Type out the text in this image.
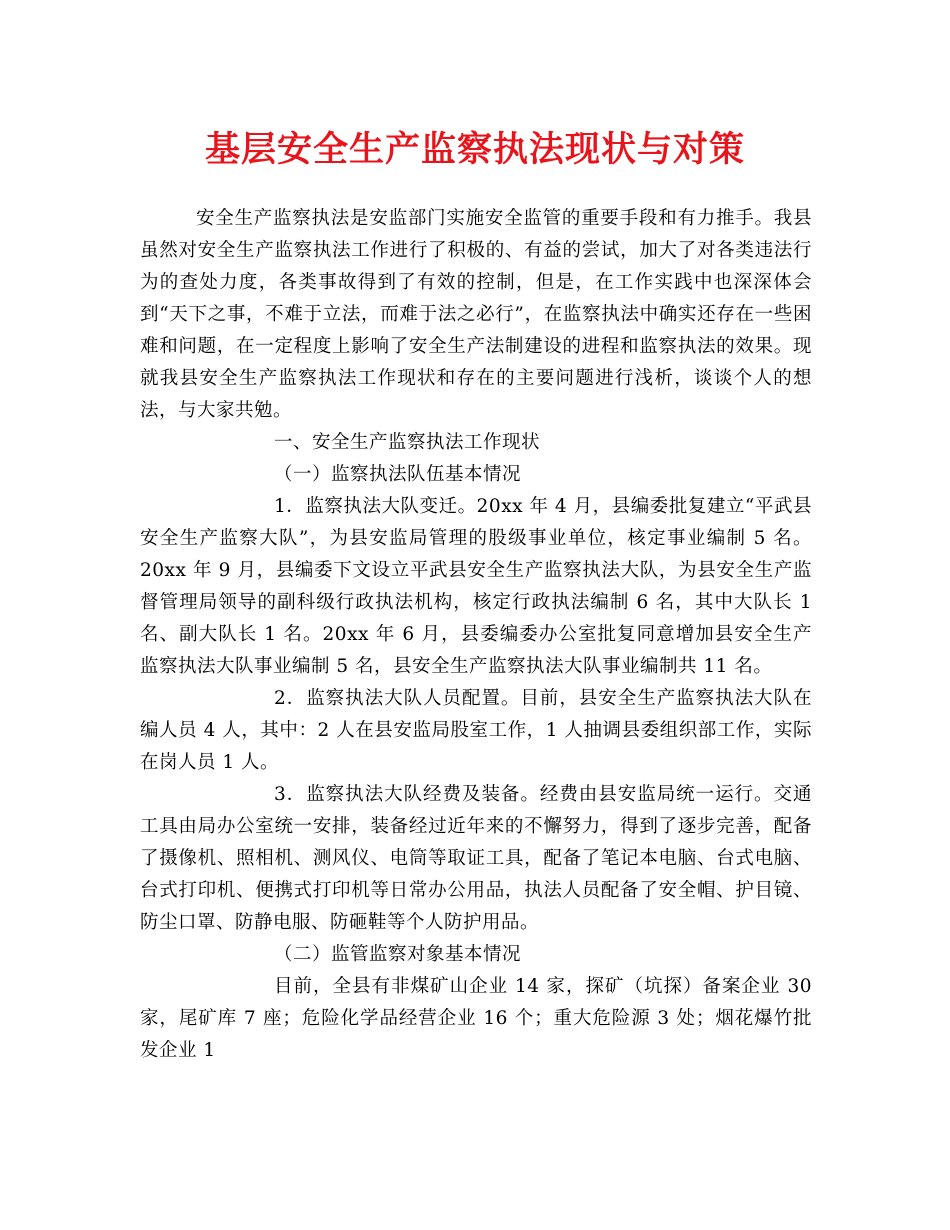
基层安全生产监察执法现状与对策

安全生产监察执法是安监部门实施安全监管的重要手段和有力推手。我县虽然对安全生产监察执法工作进行了积极的、有益的尝试，加大了对各类违法行为的查处力度，各类事故得到了有效的控制，但是，在工作实践中也深深体会到“天下之事，不难于立法，而难于法之必行”，在监察执法中确实还存在一些困难和问题，在一定程度上影响了安全生产法制建设的进程和监察执法的效果。现就我县安全生产监察执法工作现状和存在的主要问题进行浅析，谈谈个人的想法，与大家共勉。

一、安全生产监察执法工作现状

（一）监察执法队伍基本情况

1．监察执法大队变迁。20xx 年 4 月，县编委批复建立“平武县安全生产监察大队”，为县安监局管理的股级事业单位，核定事业编制 5 名。20xx 年 9 月，县编委下文设立平武县安全生产监察执法大队，为县安全生产监督管理局领导的副科级行政执法机构，核定行政执法编制 6 名，其中大队长 1 名、副大队长 1 名。20xx 年 6 月，县委编委办公室批复同意增加县安全生产监察执法大队事业编制 5 名，县安全生产监察执法大队事业编制共 11 名。

2．监察执法大队人员配置。目前，县安全生产监察执法大队在编人员 4 人，其中：2 人在县安监局股室工作，1 人抽调县委组织部工作，实际在岗人员 1 人。

3．监察执法大队经费及装备。经费由县安监局统一运行。交通工具由局办公室统一安排，装备经过近年来的不懈努力，得到了逐步完善，配备了摄像机、照相机、测风仪、电筒等取证工具，配备了笔记本电脑、台式电脑、台式打印机、便携式打印机等日常办公用品，执法人员配备了安全帽、护目镜、防尘口罩、防静电服、防砸鞋等个人防护用品。

（二）监管监察对象基本情况

目前，全县有非煤矿山企业 14 家，探矿（坑探）备案企业 30 家，尾矿库 7 座；危险化学品经营企业 16 个；重大危险源 3 处；烟花爆竹批发企业 1
